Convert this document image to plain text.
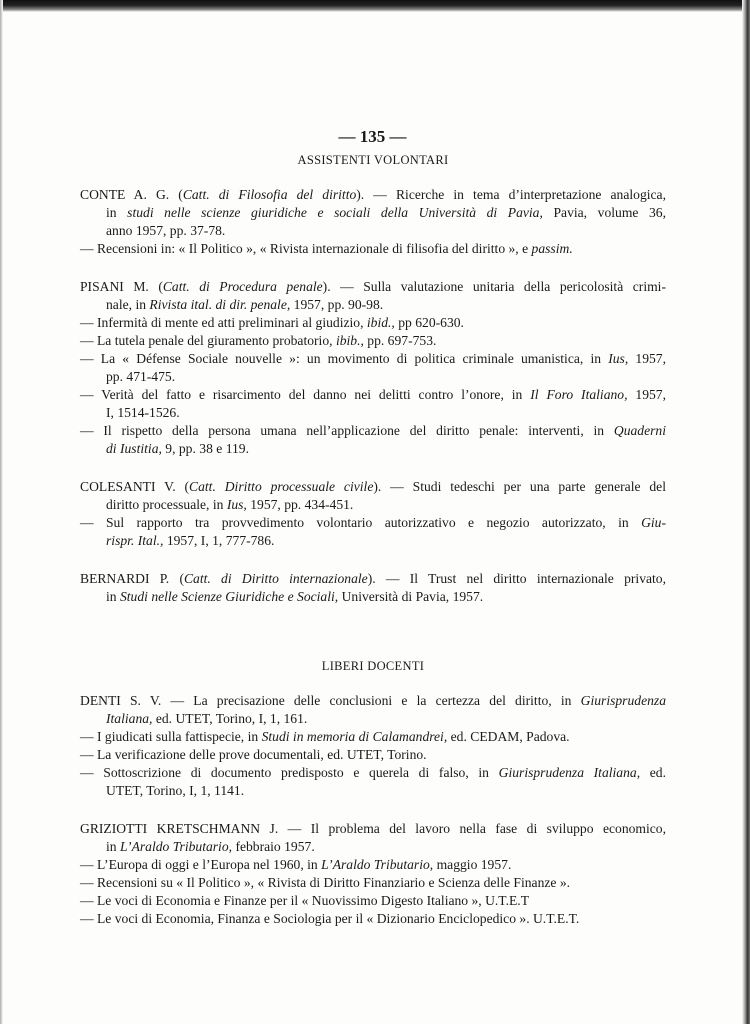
— 135 —
ASSISTENTI VOLONTARI
CONTE A. G. (Catt. di Filosofia del diritto). — Ricerche in tema d’interpretazione analogica,
in studi nelle scienze giuridiche e sociali della Università di Pavia, Pavia, volume 36,
anno 1957, pp. 37-78.
— Recensioni in: « Il Politico », « Rivista internazionale di filisofia del diritto », e passim.
PISANI M. (Catt. di Procedura penale). — Sulla valutazione unitaria della pericolosità crimi-
nale, in Rivista ital. di dir. penale, 1957, pp. 90-98.
— Infermità di mente ed atti preliminari al giudizio, ibid., pp 620-630.
— La tutela penale del giuramento probatorio, ibib., pp. 697-753.
— La « Défense Sociale nouvelle »: un movimento di politica criminale umanistica, in Ius, 1957,
pp. 471-475.
— Verità del fatto e risarcimento del danno nei delitti contro l’onore, in Il Foro Italiano, 1957,
I, 1514-1526.
— Il rispetto della persona umana nell’applicazione del diritto penale: interventi, in Quaderni
di Iustitia, 9, pp. 38 e 119.
COLESANTI V. (Catt. Diritto processuale civile). — Studi tedeschi per una parte generale del
diritto processuale, in Ius, 1957, pp. 434-451.
— Sul rapporto tra provvedimento volontario autorizzativo e negozio autorizzato, in Giu-
rispr. Ital., 1957, I, 1, 777-786.
BERNARDI P. (Catt. di Diritto internazionale). — Il Trust nel diritto internazionale privato,
in Studi nelle Scienze Giuridiche e Sociali, Università di Pavia, 1957.
LIBERI DOCENTI
DENTI S. V. — La precisazione delle conclusioni e la certezza del diritto, in Giurisprudenza
Italiana, ed. UTET, Torino, I, 1, 161.
— I giudicati sulla fattispecie, in Studi in memoria di Calamandrei, ed. CEDAM, Padova.
— La verificazione delle prove documentali, ed. UTET, Torino.
— Sottoscrizione di documento predisposto e querela di falso, in Giurisprudenza Italiana, ed.
UTET, Torino, I, 1, 1141.
GRIZIOTTI KRETSCHMANN J. — Il problema del lavoro nella fase di sviluppo economico,
in L’Araldo Tributario, febbraio 1957.
— L’Europa di oggi e l’Europa nel 1960, in L’Araldo Tributario, maggio 1957.
— Recensioni su « Il Politico », « Rivista di Diritto Finanziario e Scienza delle Finanze ».
— Le voci di Economia e Finanze per il « Nuovissimo Digesto Italiano », U.T.E.T
— Le voci di Economia, Finanza e Sociologia per il « Dizionario Enciclopedico ». U.T.E.T.
